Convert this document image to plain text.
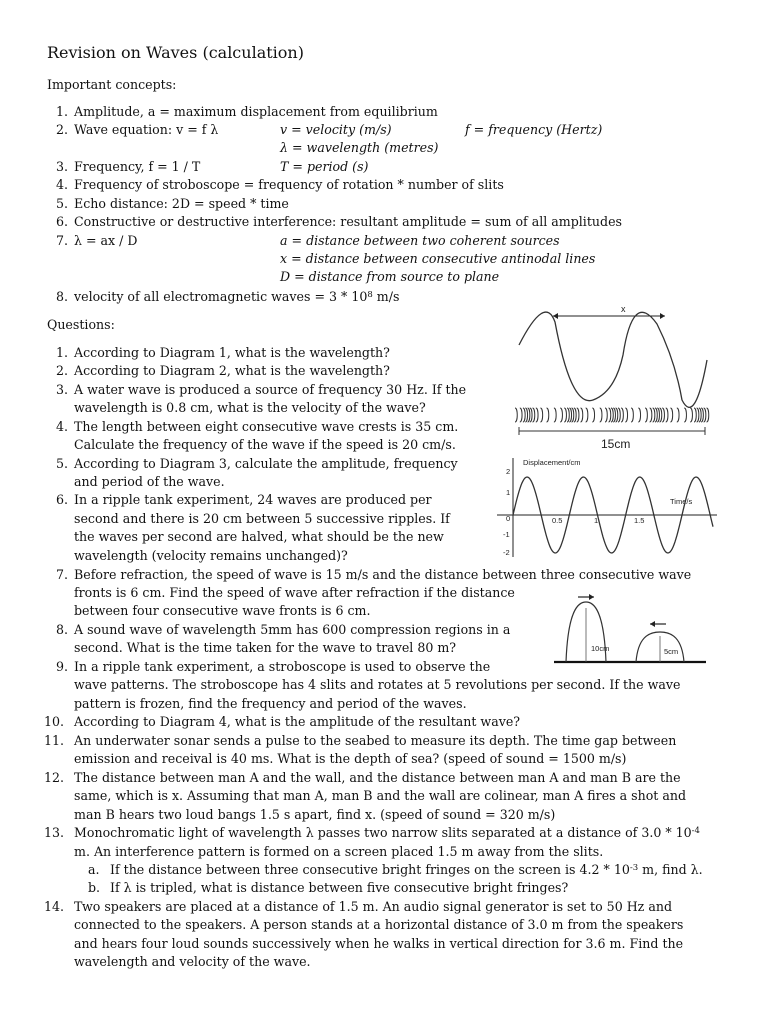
Revision on Waves (calculation)
Important concepts:
1. Amplitude, a = maximum displacement from equilibrium
2. Wave equation: v = f λ	v = velocity (m/s)	f = frequency (Hertz)
λ = wavelength (metres)
3. Frequency, f = 1 / T	T = period (s)
4. Frequency of stroboscope = frequency of rotation * number of slits
5. Echo distance: 2D = speed * time
6. Constructive or destructive interference: resultant amplitude = sum of all amplitudes
7. λ = ax / D	a = distance between two coherent sources
x = distance between consecutive antinodal lines
D = distance from source to plane
8. velocity of all electromagnetic waves = $3 * 10^8$ m/s
Questions:
1. According to Diagram 1, what is the wavelength?
2. According to Diagram 2, what is the wavelength?
3. A water wave is produced a source of frequency 30 Hz. If the
wavelength is 0.8 cm, what is the velocity of the wave?
4. The length between eight consecutive wave crests is 35 cm.
Calculate the frequency of the wave if the speed is 20 cm/s.
5. According to Diagram 3, calculate the amplitude, frequency
and period of the wave.
6. In a ripple tank experiment, 24 waves are produced per
second and there is 20 cm between 5 successive ripples. If
the waves per second are halved, what should be the new
wavelength (velocity remains unchanged)?
7. Before refraction, the speed of wave is 15 m/s and the distance between three consecutive wave
fronts is 6 cm. Find the speed of wave after refraction if the distance
between four consecutive wave fronts is 6 cm.
8. A sound wave of wavelength 5mm has 600 compression regions in a
second. What is the time taken for the wave to travel 80 m?
9. In a ripple tank experiment, a stroboscope is used to observe the
wave patterns. The stroboscope has 4 slits and rotates at 5 revolutions per second. If the wave
pattern is frozen, find the frequency and period of the waves.
10. According to Diagram 4, what is the amplitude of the resultant wave?
11. An underwater sonar sends a pulse to the seabed to measure its depth. The time gap between
emission and receival is 40 ms. What is the depth of sea? (speed of sound = 1500 m/s)
12. The distance between man A and the wall, and the distance between man A and man B are the
same, which is x. Assuming that man A, man B and the wall are colinear, man A fires a shot and
man B hears two loud bangs 1.5 s apart, find x. (speed of sound = 320 m/s)
13. Monochromatic light of wavelength λ passes two narrow slits separated at a distance of $3.0 * 10^{-4}$
m. An interference pattern is formed on a screen placed 1.5 m away from the slits.
a. If the distance between three consecutive bright fringes on the screen is $4.2 * 10^{-3}$ m, find λ.
b. If λ is tripled, what is distance between five consecutive bright fringes?
14. Two speakers are placed at a distance of 1.5 m. An audio signal generator is set to 50 Hz and
connected to the speakers. A person stands at a horizontal distance of 3.0 m from the speakers
and hears four loud sounds successively when he walks in vertical direction for 3.6 m. Find the
wavelength and velocity of the wave.
x
15cm
Displacement/cm
Time/s
2
1
0
-1
-2
0.5	1	1.5
10cm	5cm
